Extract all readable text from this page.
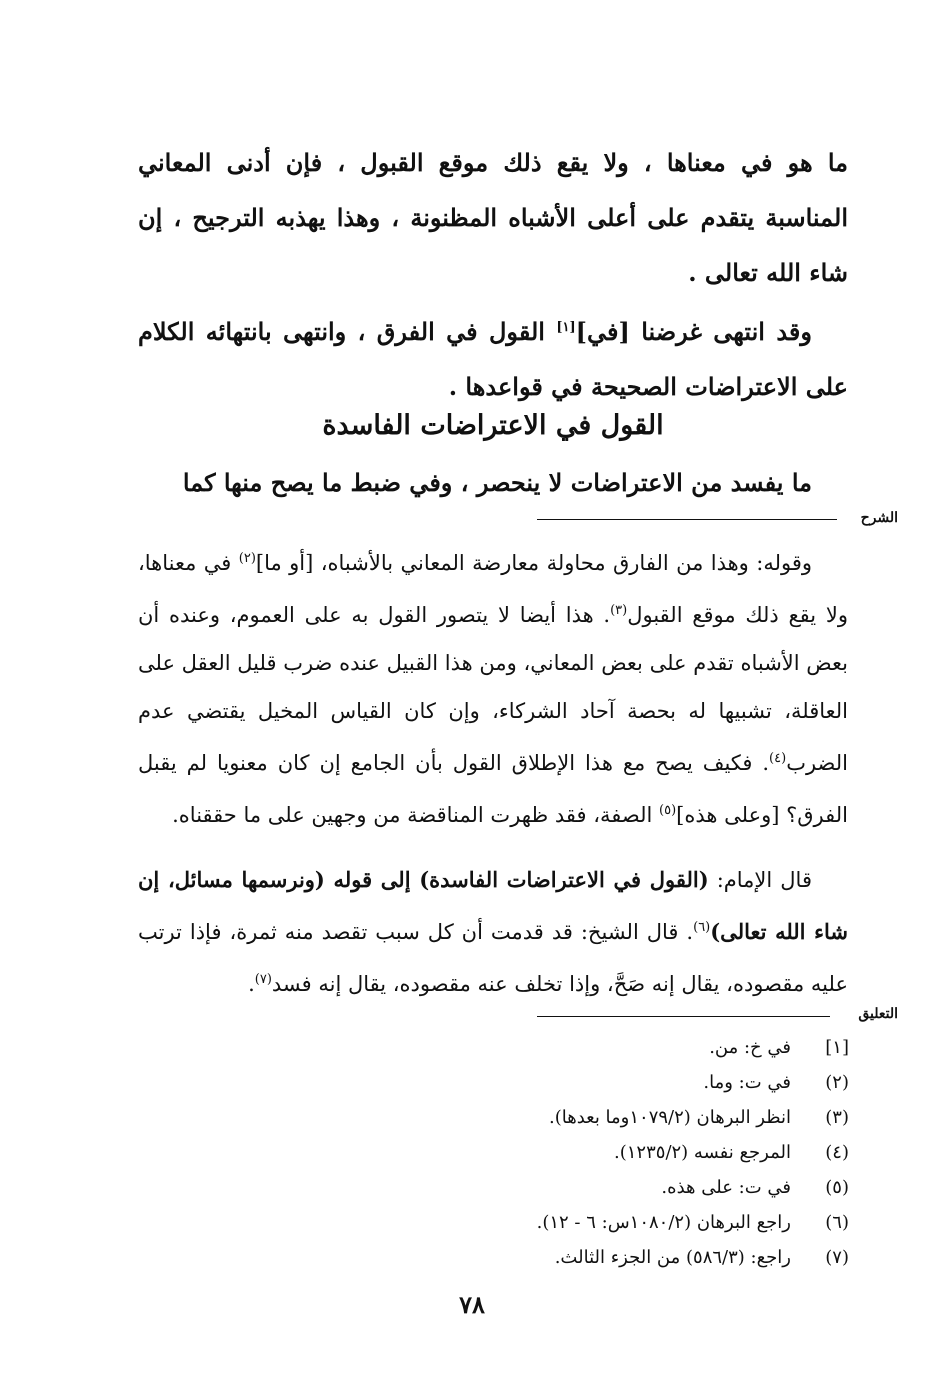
ما هو في معناها ، ولا يقع ذلك موقع القبول ، فإن أدنى المعاني المناسبة يتقدم على أعلى الأشباه المظنونة ، وهذا يهذبه الترجيح ، إن شاء الله تعالى .
وقد انتهى غرضنا [في][١] القول في الفرق ، وانتهى بانتهائه الكلام على الاعتراضات الصحيحة في قواعدها .
القول في الاعتراضات الفاسدة
ما يفسد من الاعتراضات لا ينحصر ، وفي ضبط ما يصح منها كما
الشرح
وقوله: وهذا من الفارق محاولة معارضة المعاني بالأشباه، [أو ما]$^{(٢)}$ في معناها، ولا يقع ذلك موقع القبول$^{(٣)}$. هذا أيضا لا يتصور القول به على العموم، وعنده أن بعض الأشباه تقدم على بعض المعاني، ومن هذا القبيل عنده ضرب قليل العقل على العاقلة، تشبيها له بحصة آحاد الشركاء، وإن كان القياس المخيل يقتضي عدم الضرب$^{(٤)}$. فكيف يصح مع هذا الإطلاق القول بأن الجامع إن كان معنويا لم يقبل الفرق؟ [وعلى هذه]$^{(٥)}$ الصفة، فقد ظهرت المناقضة من وجهين على ما حققناه.
قال الإمام: (القول في الاعتراضات الفاسدة) إلى قوله (ونرسمها مسائل، إن شاء الله تعالى)$^{(٦)}$. قال الشيخ: قد قدمت أن كل سبب تقصد منه ثمرة، فإذا ترتب عليه مقصوده، يقال إنه صَحَّ، وإذا تخلف عنه مقصوده، يقال إنه فسد$^{(٧)}$.
التعليق
[١]
في خ: من.
(٢)
في ت: وما.
(٣)
انظر البرهان (١٠٧٩/٢وما بعدها).
(٤)
المرجع نفسه (١٢٣٥/٢).
(٥)
في ت: على هذه.
(٦)
راجع البرهان (١٠٨٠/٢س: ٦ - ١٢).
(٧)
راجع: (٥٨٦/٣) من الجزء الثالث.
٧٨
